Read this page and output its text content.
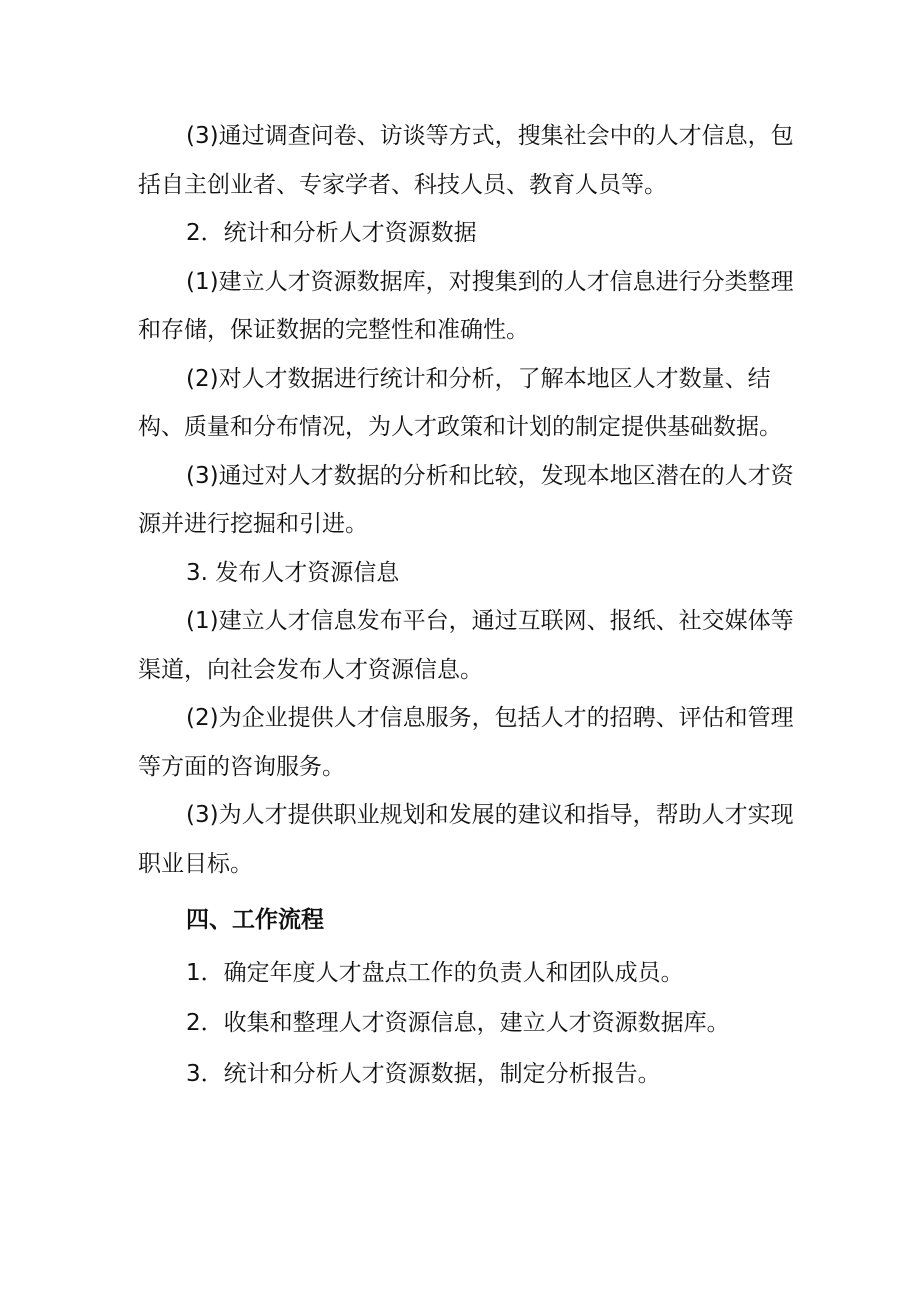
(3)通过调查问卷、访谈等方式，搜集社会中的人才信息，包括自主创业者、专家学者、科技人员、教育人员等。

2．统计和分析人才资源数据

(1)建立人才资源数据库，对搜集到的人才信息进行分类整理和存储，保证数据的完整性和准确性。

(2)对人才数据进行统计和分析，了解本地区人才数量、结构、质量和分布情况，为人才政策和计划的制定提供基础数据。

(3)通过对人才数据的分析和比较，发现本地区潜在的人才资源并进行挖掘和引进。

3. 发布人才资源信息

(1)建立人才信息发布平台，通过互联网、报纸、社交媒体等渠道，向社会发布人才资源信息。

(2)为企业提供人才信息服务，包括人才的招聘、评估和管理等方面的咨询服务。

(3)为人才提供职业规划和发展的建议和指导，帮助人才实现职业目标。

四、工作流程

1．确定年度人才盘点工作的负责人和团队成员。

2．收集和整理人才资源信息，建立人才资源数据库。

3．统计和分析人才资源数据，制定分析报告。
